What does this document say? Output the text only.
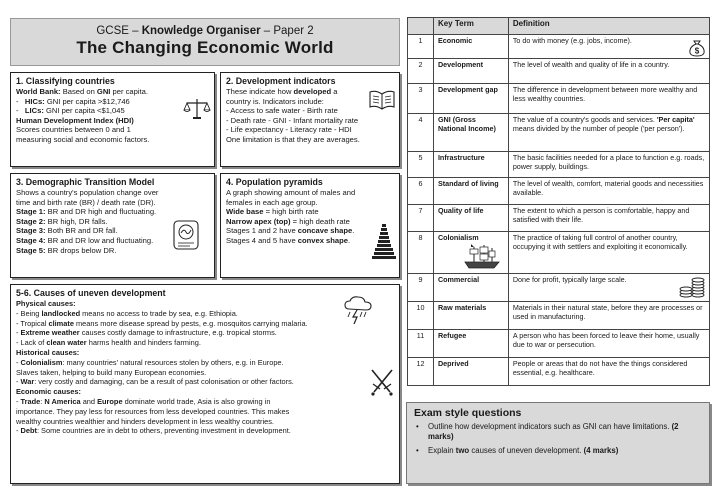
GCSE – Knowledge Organiser – Paper 2
The Changing Economic World
1. Classifying countries
World Bank: Based on GNI per capita.
- HICs: GNI per capita >$12,746
- LICs: GNI per capita <$1,045
Human Development Index (HDI)
Scores countries between 0 and 1
measuring social and economic factors.
2. Development indicators
These indicate how developed a
country is. Indicators include:
- Access to safe water - Birth rate
- Death rate - GNI - Infant mortality rate
- Life expectancy - Literacy rate - HDI
One limitation is that they are averages.
3. Demographic Transition Model
Shows a country's population change over
time and birth rate (BR) / death rate (DR).
Stage 1: BR and DR high and fluctuating.
Stage 2: BR high, DR falls.
Stage 3: Both BR and DR fall.
Stage 4: BR and DR low and fluctuating.
Stage 5: BR drops below DR.
4. Population pyramids
A graph showing amount of males and
females in each age group.
Wide base = high birth rate
Narrow apex (top) = high death rate
Stages 1 and 2 have concave shape.
Stages 4 and 5 have convex shape.
5-6. Causes of uneven development
Physical causes:
- Being landlocked means no access to trade by sea, e.g. Ethiopia.
- Tropical climate means more disease spread by pests, e.g. mosquitos carrying malaria.
- Extreme weather causes costly damage to infrastructure, e.g. tropical storms.
- Lack of clean water harms health and hinders farming.
Historical causes:
- Colonialism: many countries' natural resources stolen by others, e.g. in Europe.
Slaves taken, helping to build many European economies.
- War: very costly and damaging, can be a result of past colonisation or other factors.
Economic causes:
- Trade: N America and Europe dominate world trade, Asia is also growing in
importance. They pay less for resources from less developed countries. This makes
wealthy countries wealthier and hinders development in less wealthy countries.
- Debt: Some countries are in debt to others, preventing investment in development.
	Key Term	Definition
1	Economic	To do with money (e.g. jobs, income).
$

2	Development	The level of wealth and quality of life in a country.
3	Development gap	The difference in development between more wealthy and less wealthy countries.
4	GNI (Gross National Income)	The value of a country's goods and services. 'Per capita' means divided by the number of people ('per person').
5	Infrastructure	The basic facilities needed for a place to function e.g. roads, power supply, buildings.
6	Standard of living	The level of wealth, comfort, material goods and necessities available.
7	Quality of life	The extent to which a person is comfortable, happy and satisfied with their life.
8	Colonialism	The practice of taking full control of another country, occupying it with settlers and exploiting it economically.
9	Commercial	Done for profit, typically large scale.

10	Raw materials	Materials in their natural state, before they are processes or used in manufacturing.
11	Refugee	A person who has been forced to leave their home, usually due to war or persecution.
12	Deprived	People or areas that do not have the things considered essential, e.g. healthcare.
Exam style questions
• Outline how development indicators such as GNI can have limitations. (2 marks)
• Explain two causes of uneven development. (4 marks)
